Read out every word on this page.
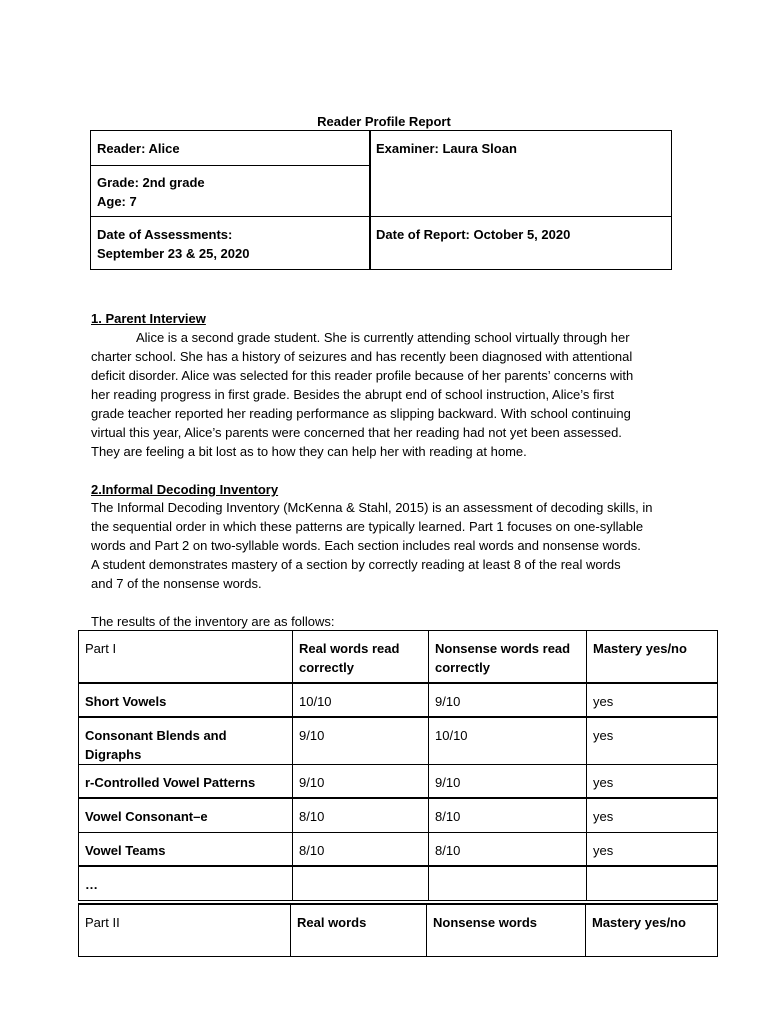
Reader Profile Report
Reader: Alice	Examiner: Laura Sloan
Grade: 2nd grade
Age: 7
Date of Assessments:
September 23 & 25, 2020
Date of Report: October 5, 2020
1. Parent Interview
Alice is a second grade student. She is currently attending school virtually through her
charter school. She has a history of seizures and has recently been diagnosed with attentional
deficit disorder. Alice was selected for this reader profile because of her parents’ concerns with
her reading progress in first grade. Besides the abrupt end of school instruction, Alice’s first
grade teacher reported her reading performance as slipping backward. With school continuing
virtual this year, Alice’s parents were concerned that her reading had not yet been assessed.
They are feeling a bit lost as to how they can help her with reading at home.
2.Informal Decoding Inventory
The Informal Decoding Inventory (McKenna & Stahl, 2015) is an assessment of decoding skills, in
the sequential order in which these patterns are typically learned. Part 1 focuses on one-syllable
words and Part 2 on two-syllable words. Each section includes real words and nonsense words.
A student demonstrates mastery of a section by correctly reading at least 8 of the real words
and 7 of the nonsense words.
The results of the inventory are as follows:
Part I	Real words read correctly	Nonsense words read correctly	Mastery yes/no
Short Vowels	10/10	9/10	yes
Consonant Blends and Digraphs	9/10	10/10	yes
r-Controlled Vowel Patterns	9/10	9/10	yes
Vowel Consonant–e	8/10	8/10	yes
Vowel Teams	8/10	8/10	yes
…			
Part II	Real words	Nonsense words	Mastery yes/no
